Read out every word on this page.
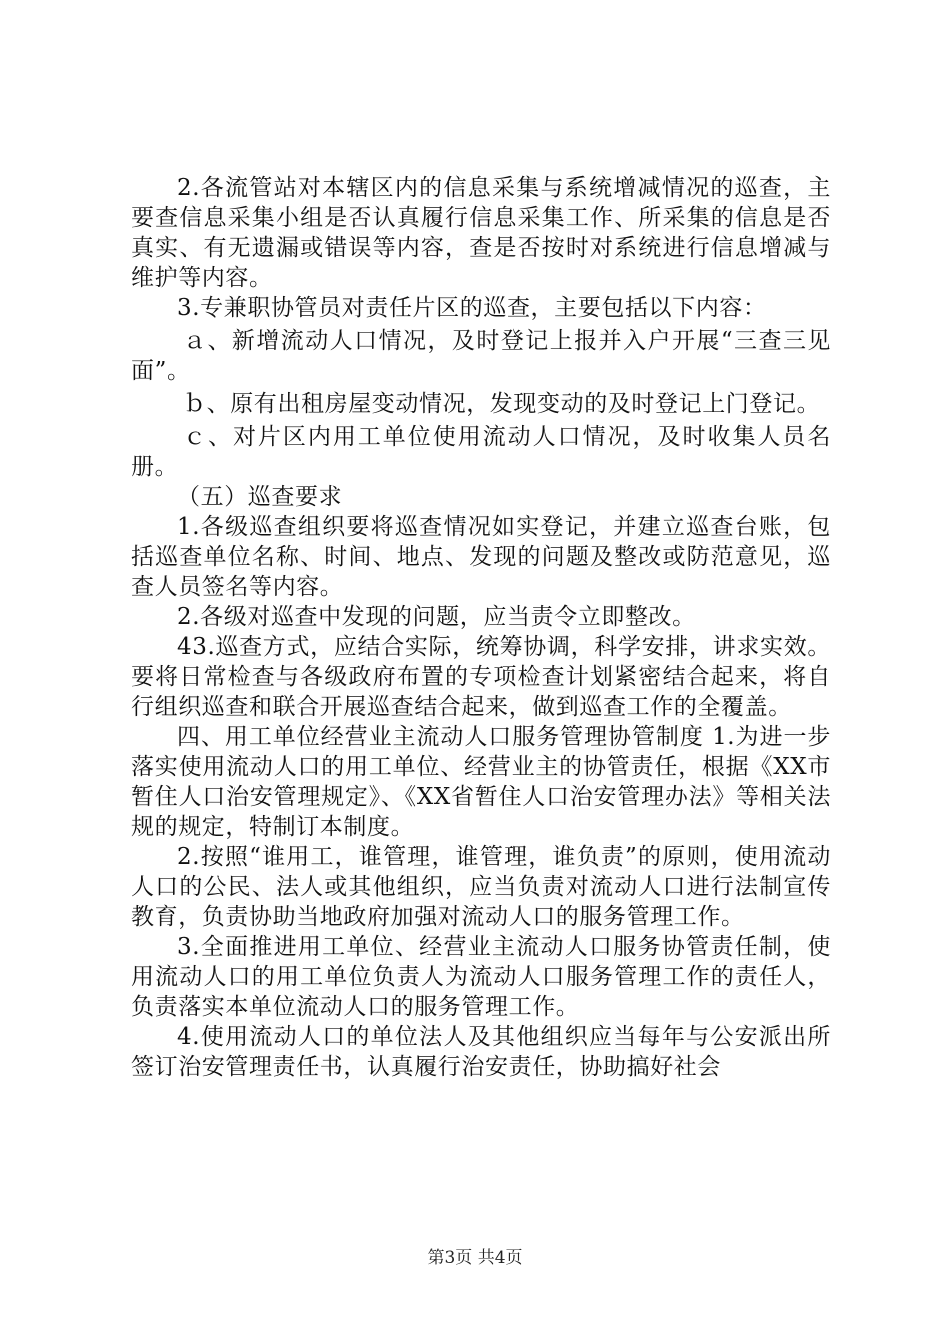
2.各流管站对本辖区内的信息采集与系统增减情况的巡查，主要查信息采集小组是否认真履行信息采集工作、所采集的信息是否真实、有无遗漏或错误等内容，查是否按时对系统进行信息增减与维护等内容。

3.专兼职协管员对责任片区的巡查，主要包括以下内容：

ａ、新增流动人口情况，及时登记上报并入户开展“三查三见面”。

ｂ、原有出租房屋变动情况，发现变动的及时登记上门登记。

ｃ、对片区内用工单位使用流动人口情况，及时收集人员名册。

（五）巡查要求

1.各级巡查组织要将巡查情况如实登记，并建立巡查台账，包括巡查单位名称、时间、地点、发现的问题及整改或防范意见，巡查人员签名等内容。

2.各级对巡查中发现的问题，应当责令立即整改。

43.巡查方式，应结合实际，统筹协调，科学安排，讲求实效。要将日常检查与各级政府布置的专项检查计划紧密结合起来，将自行组织巡查和联合开展巡查结合起来，做到巡查工作的全覆盖。

四、用工单位经营业主流动人口服务管理协管制度 1.为进一步落实使用流动人口的用工单位、经营业主的协管责任，根据《XX市暂住人口治安管理规定》、《XX省暂住人口治安管理办法》等相关法规的规定，特制订本制度。

2.按照“谁用工，谁管理，谁管理，谁负责”的原则，使用流动人口的公民、法人或其他组织，应当负责对流动人口进行法制宣传教育，负责协助当地政府加强对流动人口的服务管理工作。

3.全面推进用工单位、经营业主流动人口服务协管责任制，使用流动人口的用工单位负责人为流动人口服务管理工作的责任人，负责落实本单位流动人口的服务管理工作。

4.使用流动人口的单位法人及其他组织应当每年与公安派出所签订治安管理责任书，认真履行治安责任，协助搞好社会

第3页 共4页
